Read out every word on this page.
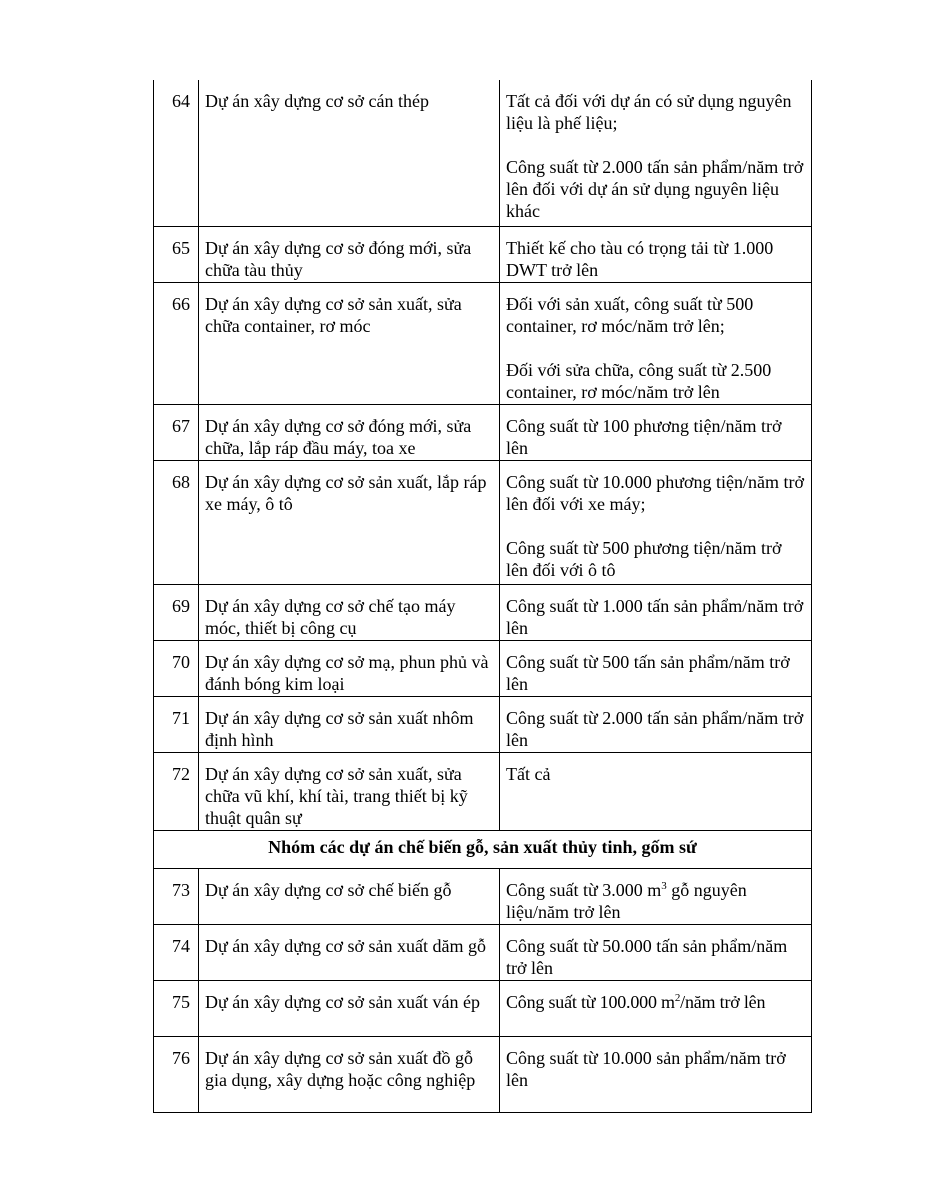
64	Dự án xây dựng cơ sở cán thép	Tất cả đối với dự án có sử dụng nguyên liệu là phế liệu;

Công suất từ 2.000 tấn sản phẩm/năm trở lên đối với dự án sử dụng nguyên liệu khác

65	Dự án xây dựng cơ sở đóng mới, sửa chữa tàu thủy	Thiết kế cho tàu có trọng tải từ 1.000 DWT trở lên

66	Dự án xây dựng cơ sở sản xuất, sửa chữa container, rơ móc	Đối với sản xuất, công suất từ 500 container, rơ móc/năm trở lên;

Đối với sửa chữa, công suất từ 2.500 container, rơ móc/năm trở lên

67	Dự án xây dựng cơ sở đóng mới, sửa chữa, lắp ráp đầu máy, toa xe	Công suất từ 100 phương tiện/năm trở lên

68	Dự án xây dựng cơ sở sản xuất, lắp ráp xe máy, ô tô	Công suất từ 10.000 phương tiện/năm trở lên đối với xe máy;

Công suất từ 500 phương tiện/năm trở lên đối với ô tô

69	Dự án xây dựng cơ sở chế tạo máy móc, thiết bị công cụ	Công suất từ 1.000 tấn sản phẩm/năm trở lên

70	Dự án xây dựng cơ sở mạ, phun phủ và đánh bóng kim loại	Công suất từ 500 tấn sản phẩm/năm trở lên

71	Dự án xây dựng cơ sở sản xuất nhôm định hình	Công suất từ 2.000 tấn sản phẩm/năm trở lên

72	Dự án xây dựng cơ sở sản xuất, sửa chữa vũ khí, khí tài, trang thiết bị kỹ thuật quân sự	Tất cả

Nhóm các dự án chế biến gỗ, sản xuất thủy tinh, gốm sứ		
73	Dự án xây dựng cơ sở chế biến gỗ	Công suất từ 3.000 $m^3$ gỗ nguyên liệu/năm trở lên
74	Dự án xây dựng cơ sở sản xuất dăm gỗ	Công suất từ 50.000 tấn sản phẩm/năm trở lên
75	Dự án xây dựng cơ sở sản xuất ván ép	Công suất từ 100.000 $m^2$/năm trở lên
76	Dự án xây dựng cơ sở sản xuất đồ gỗ gia dụng, xây dựng hoặc công nghiệp	Công suất từ 10.000 sản phẩm/năm trở lên
